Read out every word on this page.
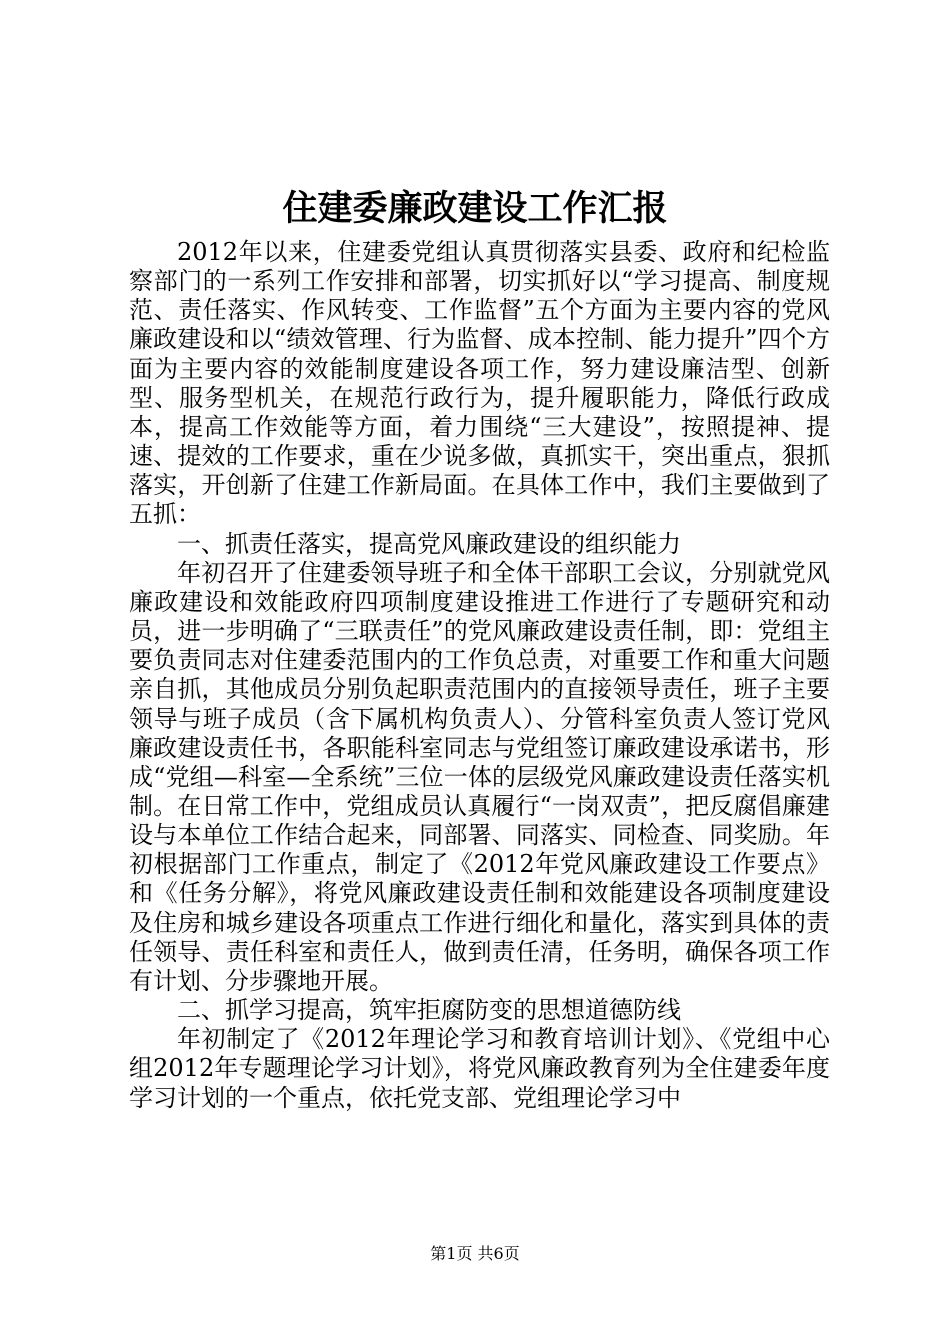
住建委廉政建设工作汇报

2012年以来，住建委党组认真贯彻落实县委、政府和纪检监察部门的一系列工作安排和部署，切实抓好以“学习提高、制度规范、责任落实、作风转变、工作监督”五个方面为主要内容的党风廉政建设和以“绩效管理、行为监督、成本控制、能力提升”四个方面为主要内容的效能制度建设各项工作，努力建设廉洁型、创新型、服务型机关，在规范行政行为，提升履职能力，降低行政成本，提高工作效能等方面，着力围绕“三大建设”，按照提神、提速、提效的工作要求，重在少说多做，真抓实干，突出重点，狠抓落实，开创新了住建工作新局面。在具体工作中，我们主要做到了五抓：

一、抓责任落实，提高党风廉政建设的组织能力

年初召开了住建委领导班子和全体干部职工会议，分别就党风廉政建设和效能政府四项制度建设推进工作进行了专题研究和动员，进一步明确了“三联责任”的党风廉政建设责任制，即：党组主要负责同志对住建委范围内的工作负总责，对重要工作和重大问题亲自抓，其他成员分别负起职责范围内的直接领导责任，班子主要领导与班子成员（含下属机构负责人）、分管科室负责人签订党风廉政建设责任书，各职能科室同志与党组签订廉政建设承诺书，形成“党组—科室—全系统”三位一体的层级党风廉政建设责任落实机制。在日常工作中，党组成员认真履行“一岗双责”，把反腐倡廉建设与本单位工作结合起来，同部署、同落实、同检查、同奖励。年初根据部门工作重点，制定了《2012年党风廉政建设工作要点》和《任务分解》，将党风廉政建设责任制和效能建设各项制度建设及住房和城乡建设各项重点工作进行细化和量化，落实到具体的责任领导、责任科室和责任人，做到责任清，任务明，确保各项工作有计划、分步骤地开展。

二、抓学习提高，筑牢拒腐防变的思想道德防线

年初制定了《2012年理论学习和教育培训计划》、《党组中心组2012年专题理论学习计划》，将党风廉政教育列为全住建委年度学习计划的一个重点，依托党支部、党组理论学习中

第1页 共6页
